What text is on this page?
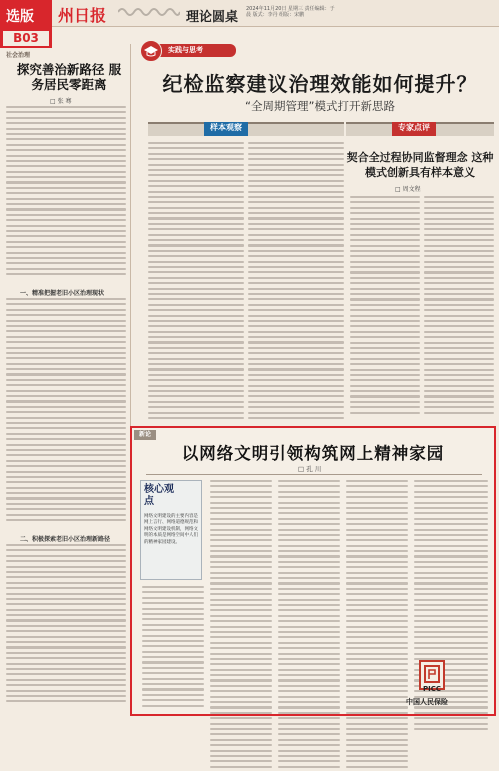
选版
B03
州日报	理论圆桌
2024年11月20日 星期三 责任编辑：于晨 版式：李丹 组版：宋鹏
社会治理
探究善治新路径 服务居民零距离
□ 张 骞
一、精准把握老旧小区治理现状
二、积极探索老旧小区治理新路径
实践与思考
纪检监察建议治理效能如何提升？
“全周期管理”模式打开新思路
样本观察	专家点评
契合全过程协同监督理念 这种模式创新具有样本意义
□ 周文程
新论
以网络文明引领构筑网上精神家园
□ 孔 川
核心观点
网络文明建设的主要内容是网上言行、网络道德规范和网络文明建设机制，网络文明的本质是网络空间中人们的精神家园建设。
PICC
中国人民保险
